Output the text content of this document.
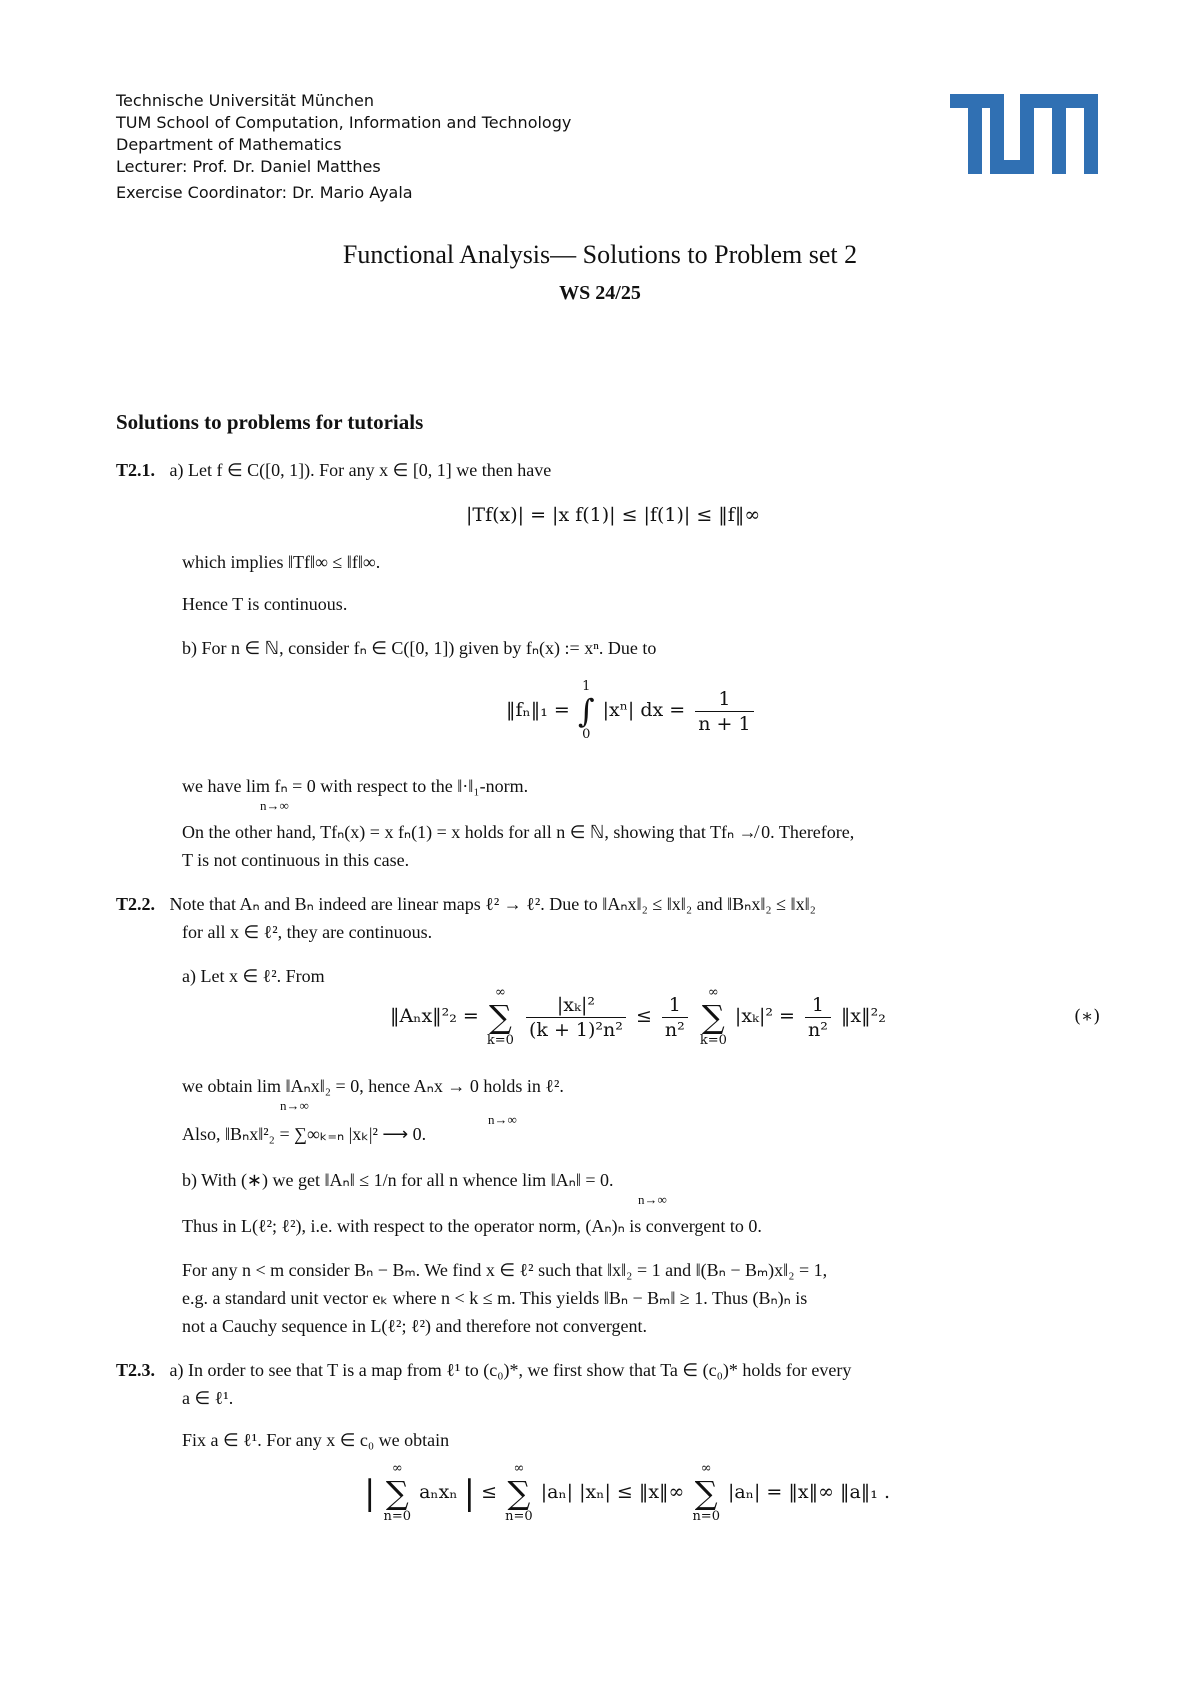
Technische Universität München
TUM School of Computation, Information and Technology
Department of Mathematics
Lecturer: Prof. Dr. Daniel Matthes
Exercise Coordinator: Dr. Mario Ayala
Functional Analysis— Solutions to Problem set 2
WS 24/25
Solutions to problems for tutorials
T2.1. a) Let f ∈ C([0, 1]). For any x ∈ [0, 1] we then have
|Tf(x)| = |x f(1)| ≤ |f(1)| ≤ ‖f‖∞
which implies ‖Tf‖∞ ≤ ‖f‖∞.
Hence T is continuous.
b) For n ∈ ℕ, consider fₙ ∈ C([0, 1]) given by fₙ(x) := xⁿ. Due to
‖fₙ‖₁ =
1
∫
0
|xⁿ| dx = $\frac{1}{n + 1}$
we have lim fₙ = 0 with respect to the ‖·‖₁-norm.
n→∞
On the other hand, Tfₙ(x) = x fₙ(1) = x holds for all n ∈ ℕ, showing that Tfₙ ↛ 0. Therefore,
T is not continuous in this case.
T2.2. Note that Aₙ and Bₙ indeed are linear maps ℓ² → ℓ². Due to ‖Aₙx‖₂ ≤ ‖x‖₂ and ‖Bₙx‖₂ ≤ ‖x‖₂
for all x ∈ ℓ², they are continuous.
a) Let x ∈ ℓ². From
‖Aₙx‖²₂ =
∞
∑
k=0
$\frac{\text{|xₖ|²}}{\text{(k + 1)²n²}} \le \frac{1}{\text{n²}}$
	∞
∑
k=0
$|x_k|^2 = \frac{1}{\text{n²}}$ ‖x‖²₂	(∗)
we obtain lim ‖Aₙx‖₂ = 0, hence Aₙx → 0 holds in ℓ².
n→∞
Also, ‖Bₙx‖²₂ = ∑∞ₖ₌ₙ |xₖ|² ⟶ 0.
n→∞
b) With (∗) we get ‖Aₙ‖ ≤ 1/n for all n whence lim ‖Aₙ‖ = 0.
n→∞
Thus in L(ℓ²; ℓ²), i.e. with respect to the operator norm, (Aₙ)ₙ is convergent to 0.
For any n < m consider Bₙ − Bₘ. We find x ∈ ℓ² such that ‖x‖₂ = 1 and ‖(Bₙ − Bₘ)x‖₂ = 1,
e.g. a standard unit vector eₖ where n < k ≤ m. This yields ‖Bₙ − Bₘ‖ ≥ 1. Thus (Bₙ)ₙ is
not a Cauchy sequence in L(ℓ²; ℓ²) and therefore not convergent.
T2.3. a) In order to see that T is a map from ℓ¹ to (c₀)*, we first show that Ta ∈ (c₀)* holds for every
a ∈ ℓ¹.
Fix a ∈ ℓ¹. For any x ∈ c₀ we obtain
|
∞
∑
n=0
aₙxₙ | ≤
∞
∑
n=0
|aₙ| |xₙ| ≤ ‖x‖∞
∞
∑
n=0
|aₙ| = ‖x‖∞ ‖a‖₁ .
